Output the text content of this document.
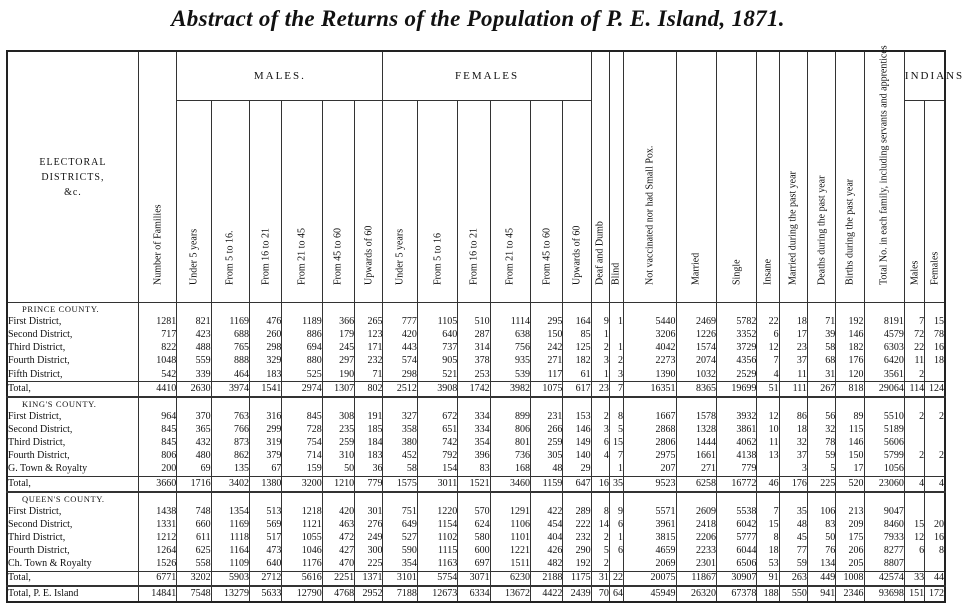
Abstract of the Returns of the Population of P. E. Island, 1871.
ELECTORAL
DISTRICTS,
&c.	Number of Families	MALES.						FEMALES						Deaf and Dumb	Blind	Not vaccinated nor had Small Pox.	Married	Single	Insane	Married during the past year	Deaths during the past year	Births during the past year	Total No. in each family, including servants and apprentices	INDIANS	

		Under 5 years	From 5 to 16.	From 16 to 21	From 21 to 45	From 45 to 60	Upwards of 60	Under 5 years	From 5 to 16	From 16 to 21	From 21 to 45	From 45 to 60	Upwards of 60											Males	Females

PRINCE COUNTY.																									
First District,	1281	821	1169	476	1189	366	265	777	1105	510	1114	295	164	9	1	5440	2469	5782	22	18	71	192	8191	7	15
Second District,	717	423	688	260	886	179	123	420	640	287	638	150	85	1		3206	1226	3352	6	17	39	146	4579	72	78
Third District,	822	488	765	298	694	245	171	443	737	314	756	242	125	2	1	4042	1574	3729	12	23	58	182	6303	22	16
Fourth District,	1048	559	888	329	880	297	232	574	905	378	935	271	182	3	2	2273	2074	4356	7	37	68	176	6420	11	18
Fifth District,	542	339	464	183	525	190	71	298	521	253	539	117	61	1	3	1390	1032	2529	4	11	31	120	3561	2	
Total,	4410	2630	3974	1541	2974	1307	802	2512	3908	1742	3982	1075	617	23	7	16351	8365	19699	51	111	267	818	29064	114	124
KING'S COUNTY.																									
First District,	964	370	763	316	845	308	191	327	672	334	899	231	153	2	8	1667	1578	3932	12	86	56	89	5510	2	2
Second District,	845	365	766	299	728	235	185	358	651	334	806	266	146	3	5	2868	1328	3861	10	18	32	115	5189		
Third District,	845	432	873	319	754	259	184	380	742	354	801	259	149	6	15	2806	1444	4062	11	32	78	146	5606		
Fourth District,	806	480	862	379	714	310	183	452	792	396	736	305	140	4	7	2975	1661	4138	13	37	59	150	5799	2	2
G. Town & Royalty	200	69	135	67	159	50	36	58	154	83	168	48	29		1	207	271	779		3	5	17	1056		
Total,	3660	1716	3402	1380	3200	1210	779	1575	3011	1521	3460	1159	647	16	35	9523	6258	16772	46	176	225	520	23060	4	4
QUEEN'S COUNTY.																									
First District,	1438	748	1354	513	1218	420	301	751	1220	570	1291	422	289	8	9	5571	2609	5538	7	35	106	213	9047		
Second District,	1331	660	1169	569	1121	463	276	649	1154	624	1106	454	222	14	6	3961	2418	6042	15	48	83	209	8460	15	20
Third District,	1212	611	1118	517	1055	472	249	527	1102	580	1101	404	232	2	1	3815	2206	5777	8	45	50	175	7933	12	16
Fourth District,	1264	625	1164	473	1046	427	300	590	1115	600	1221	426	290	5	6	4659	2233	6044	18	77	76	206	8277	6	8
Ch. Town & Royalty	1526	558	1109	640	1176	470	225	354	1163	697	1511	482	192	2		2069	2301	6506	53	59	134	205	8807		
Total,	6771	3202	5903	2712	5616	2251	1371	3101	5754	3071	6230	2188	1175	31	22	20075	11867	30907	91	263	449	1008	42574	33	44
Total, P. E. Island	14841	7548	13279	5633	12790	4768	2952	7188	12673	6334	13672	4422	2439	70	64	45949	26320	67378	188	550	941	2346	93698	151	172
